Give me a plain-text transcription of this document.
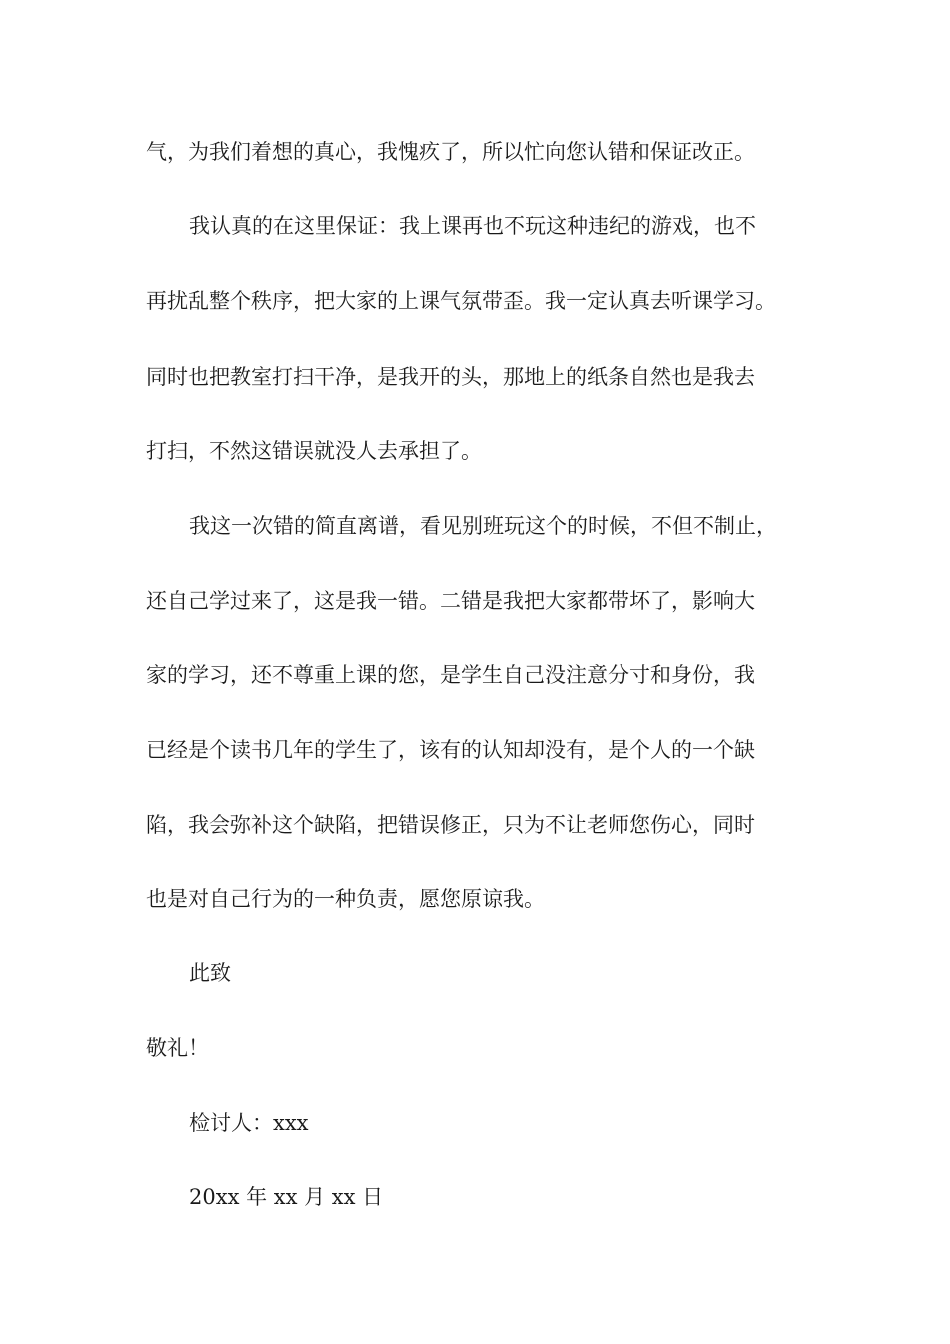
气，为我们着想的真心，我愧疚了，所以忙向您认错和保证改正。
我认真的在这里保证：我上课再也不玩这种违纪的游戏，也不
再扰乱整个秩序，把大家的上课气氛带歪。我一定认真去听课学习。
同时也把教室打扫干净，是我开的头，那地上的纸条自然也是我去
打扫，不然这错误就没人去承担了。
我这一次错的简直离谱，看见别班玩这个的时候，不但不制止，
还自己学过来了，这是我一错。二错是我把大家都带坏了，影响大
家的学习，还不尊重上课的您，是学生自己没注意分寸和身份，我
已经是个读书几年的学生了，该有的认知却没有，是个人的一个缺
陷，我会弥补这个缺陷，把错误修正，只为不让老师您伤心，同时
也是对自己行为的一种负责，愿您原谅我。
此致
敬礼！
检讨人：xxx
20xx 年 xx 月 xx 日
